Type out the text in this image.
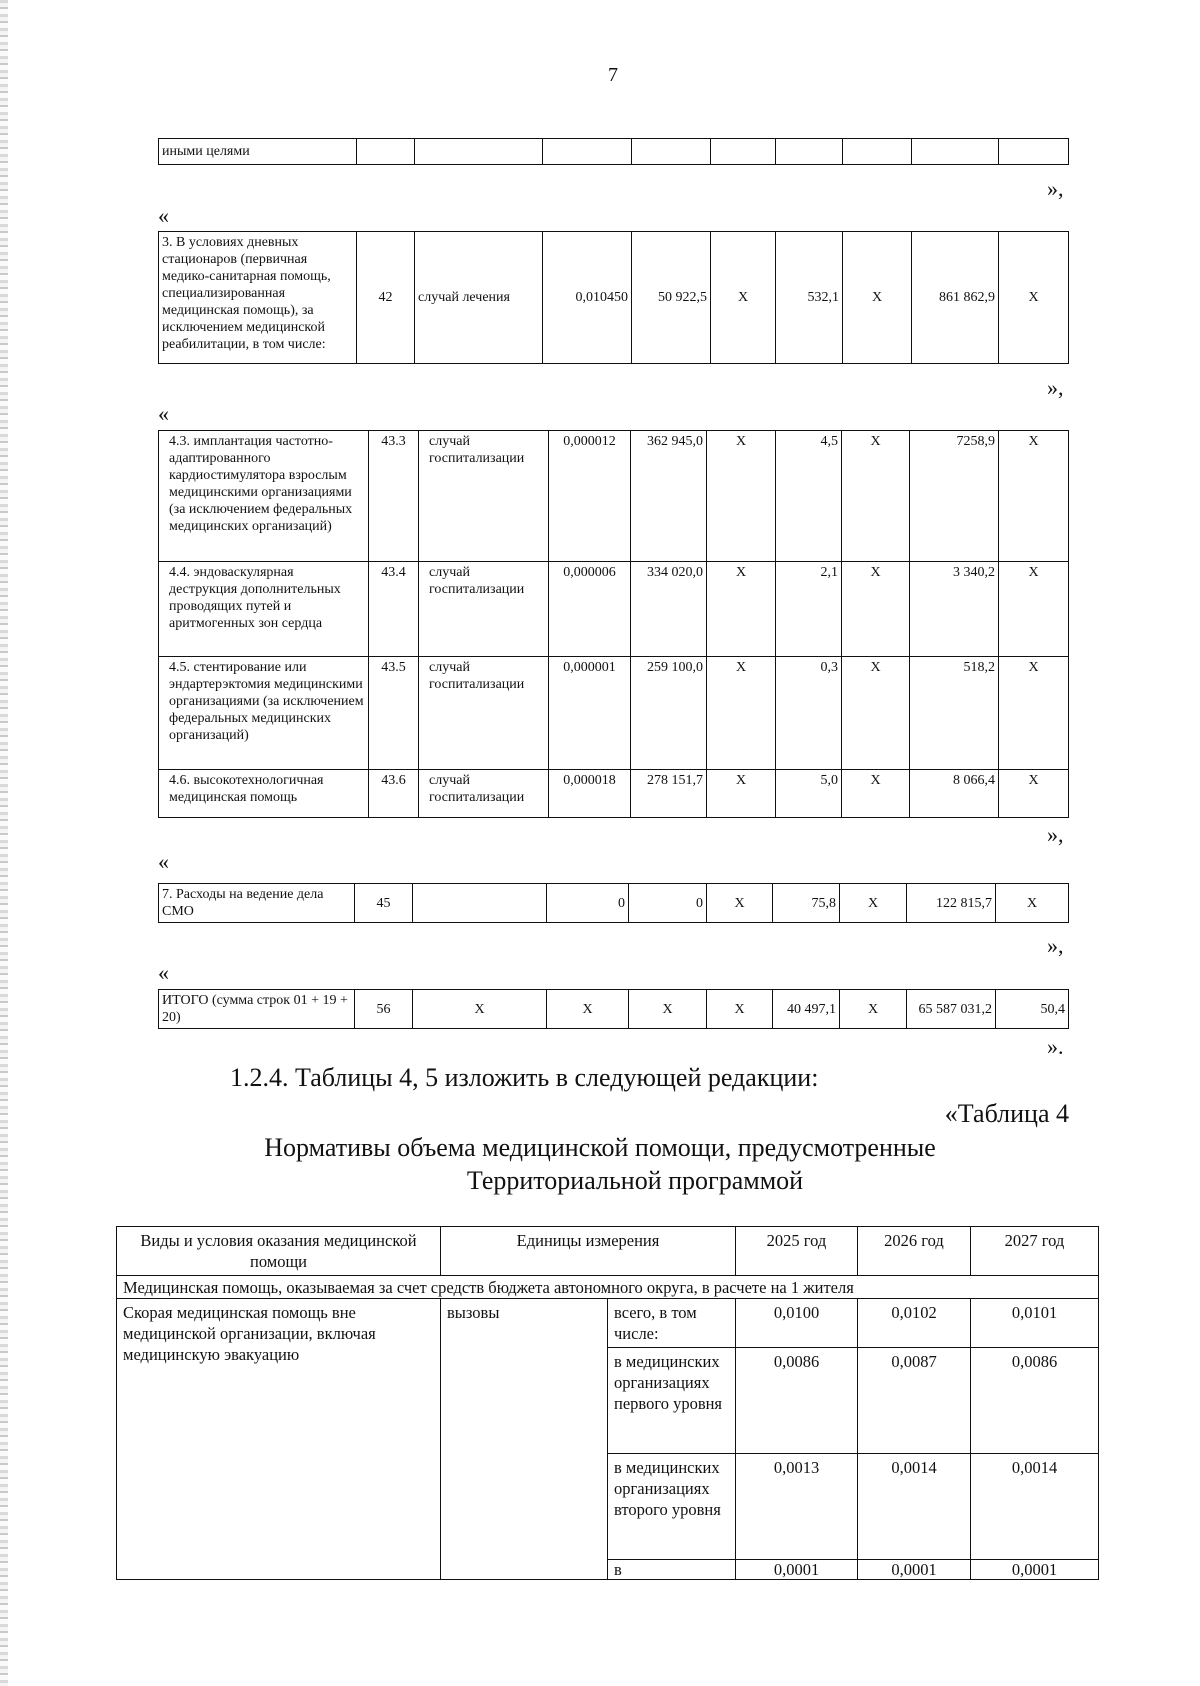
7
иными целями									
»,
«
3. В условиях дневных стационаров (первичная медико-санитарная помощь, специализированная медицинская помощь), за исключением медицинской реабилитации, в том числе:	42	случай лечения	0,010450	50 922,5	X	532,1	X	861 862,9	X
»,
«
4.3. имплантация частотно-адаптированного кардиостимулятора взрослым медицинскими организациями (за исключением федеральных медицинских организаций)	43.3	случай госпитализации	0,000012	362 945,0	X	4,5	X	7258,9	X
4.4. эндоваскулярная деструкция дополнительных проводящих путей и аритмогенных зон сердца	43.4	случай госпитализации	0,000006	334 020,0	X	2,1	X	3 340,2	X
4.5. стентирование или эндартерэктомия медицинскими организациями (за исключением федеральных медицинских организаций)	43.5	случай госпитализации	0,000001	259 100,0	X	0,3	X	518,2	X
4.6. высокотехнологичная медицинская помощь	43.6	случай госпитализации	0,000018	278 151,7	X	5,0	X	8 066,4	X
»,
«
7. Расходы на ведение дела СМО	45		0	0	X	75,8	X	122 815,7	X
»,
«
ИТОГО (сумма строк 01 + 19 + 20)	56	X	X	X	X	40 497,1	X	65 587 031,2	50,4
».
1.2.4. Таблицы 4, 5 изложить в следующей редакции:
«Таблица 4
Нормативы объема медицинской помощи, предусмотренные
Территориальной программой
Виды и условия оказания медицинской помощи	Единицы измерения		2025 год	2026 год	2027 год
Медицинская помощь, оказываемая за счет средств бюджета автономного округа, в расчете на 1 жителя					
Скорая медицинская помощь вне медицинской организации, включая медицинскую эвакуацию	вызовы	всего, в том числе:	0,0100	0,0102	0,0101
		в медицинских организациях первого уровня	0,0086	0,0087	0,0086
		в медицинских организациях второго уровня	0,0013	0,0014	0,0014
		в	0,0001	0,0001	0,0001
